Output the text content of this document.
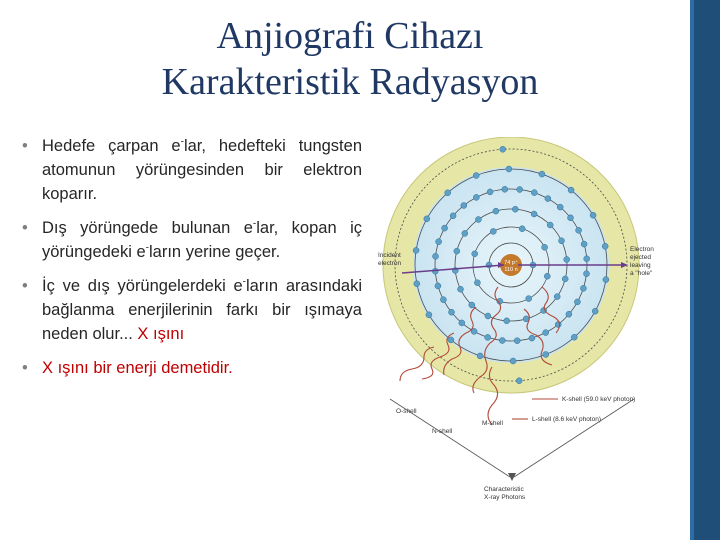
Anjiografi Cihazı
Karakteristik Radyasyon
• Hedefe çarpan e-lar, hedefteki tungsten atomunun yörüngesinden bir elektron koparır.
• Dış yörüngede bulunan e-lar, kopan iç yörüngedeki e-ların yerine geçer.
• İç ve dış yörüngelerdeki e-ların arasındaki bağlanma enerjilerinin farkı bir ışımaya neden olur... X ışını
• X ışını bir enerji demetidir.
74 p⁺
110 n
Incident
electron
Electron
ejected
leaving
a "hole"
K-shell (59.0 keV photon)
L-shell (8.6 keV photon)
O-shell
N-shell
M-shell
Characteristic
X-ray Photons
